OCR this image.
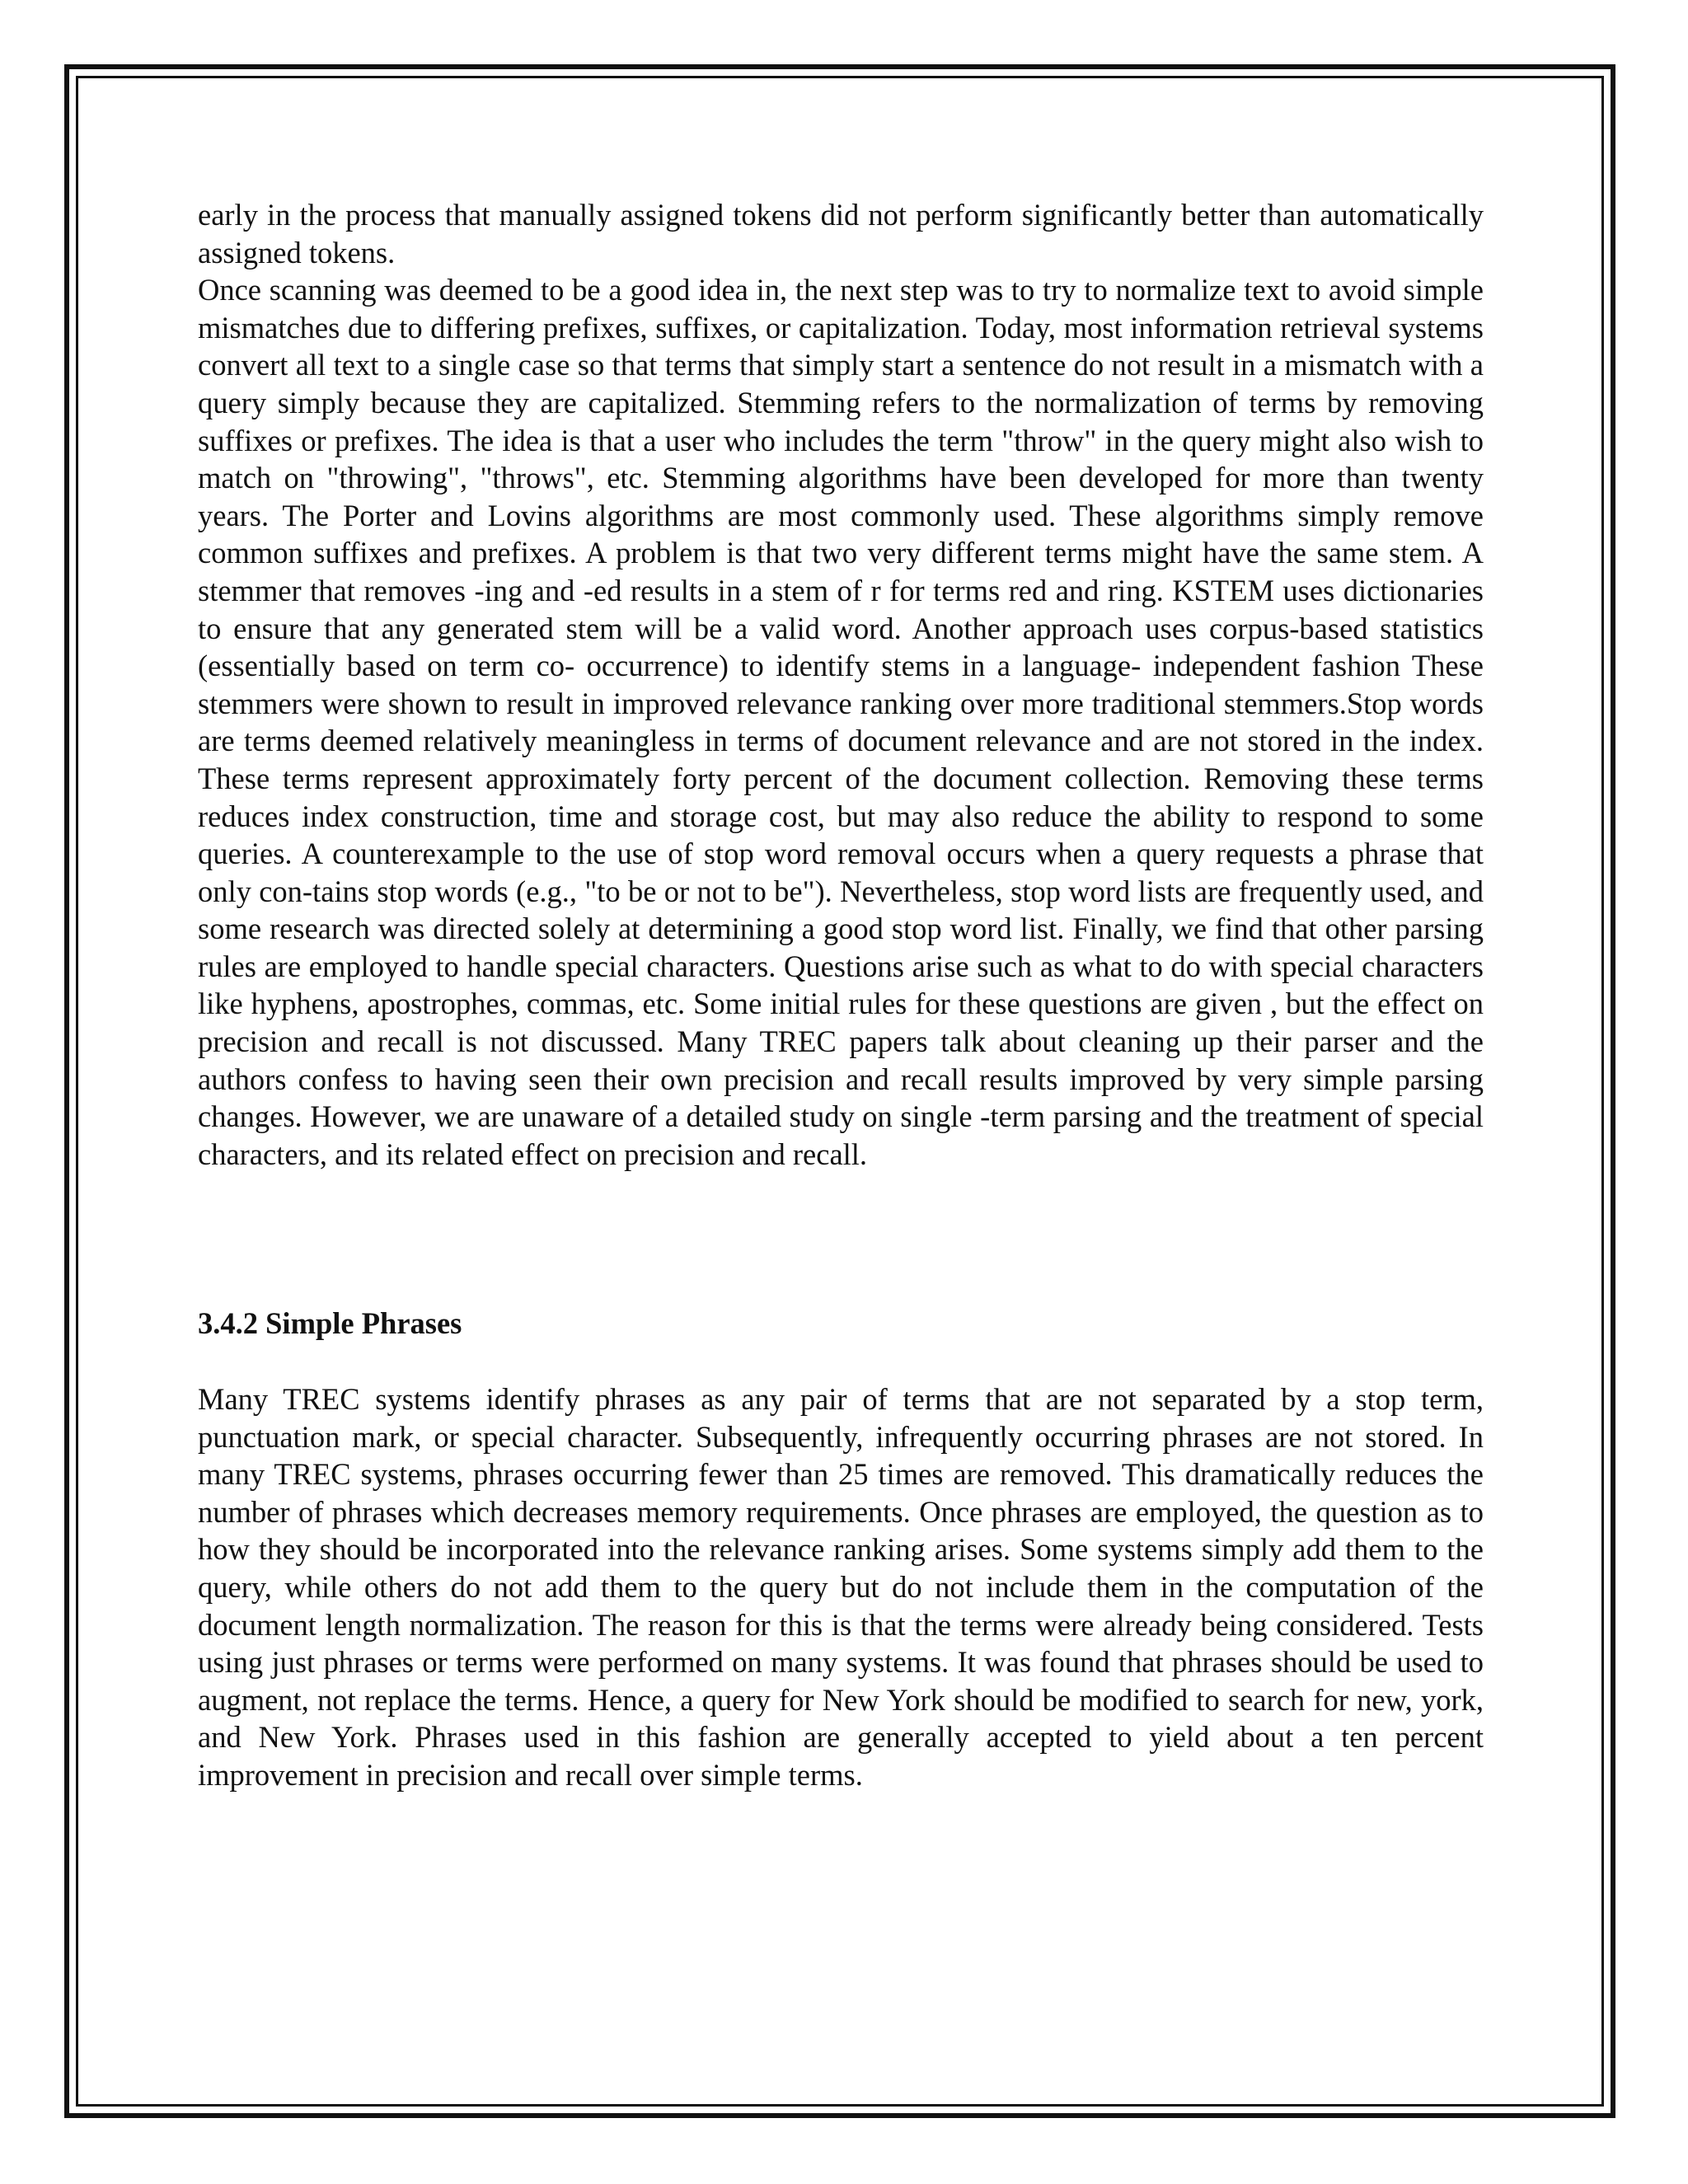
early in the process that manually assigned tokens did not perform significantly better than automatically assigned tokens.

Once scanning was deemed to be a good idea in, the next step was to try to normalize text to avoid simple mismatches due to differing prefixes, suffixes, or capitalization. Today, most information retrieval systems convert all text to a single case so that terms that simply start a sentence do not result in a mismatch with a query simply because they are capitalized. Stemming refers to the normalization of terms by removing suffixes or prefixes. The idea is that a user who includes the term "throw" in the query might also wish to match on "throwing", "throws", etc. Stemming algorithms have been developed for more than twenty years. The Porter and Lovins algorithms are most commonly used. These algorithms simply remove common suffixes and prefixes. A problem is that two very different terms might have the same stem. A stemmer that removes -ing and -ed results in a stem of r for terms red and ring. KSTEM uses dictionaries to ensure that any generated stem will be a valid word. Another approach uses corpus-based statistics (essentially based on term co- occurrence) to identify stems in a language- independent fashion These stemmers were shown to result in improved relevance ranking over more traditional stemmers.Stop words are terms deemed relatively meaningless in terms of document relevance and are not stored in the index. These terms represent approximately forty percent of the document collection. Removing these terms reduces index construction, time and storage cost, but may also reduce the ability to respond to some queries. A counterexample to the use of stop word removal occurs when a query requests a phrase that only con-tains stop words (e.g., "to be or not to be"). Nevertheless, stop word lists are frequently used, and some research was directed solely at determining a good stop word list. Finally, we find that other parsing rules are employed to handle special characters. Questions arise such as what to do with special characters like hyphens, apostrophes, commas, etc. Some initial rules for these questions are given , but the effect on precision and recall is not discussed. Many TREC papers talk about cleaning up their parser and the authors confess to having seen their own precision and recall results improved by very simple parsing changes. However, we are unaware of a detailed study on single -term parsing and the treatment of special characters, and its related effect on precision and recall.

3.4.2 Simple Phrases

Many TREC systems identify phrases as any pair of terms that are not separated by a stop term, punctuation mark, or special character. Subsequently, infrequently occurring phrases are not stored. In many TREC systems, phrases occurring fewer than 25 times are removed. This dramatically reduces the number of phrases which decreases memory requirements. Once phrases are employed, the question as to how they should be incorporated into the relevance ranking arises. Some systems simply add them to the query, while others do not add them to the query but do not include them in the computation of the document length normalization. The reason for this is that the terms were already being considered. Tests using just phrases or terms were performed on many systems. It was found that phrases should be used to augment, not replace the terms. Hence, a query for New York should be modified to search for new, york, and New York. Phrases used in this fashion are generally accepted to yield about a ten percent improvement in precision and recall over simple terms.
